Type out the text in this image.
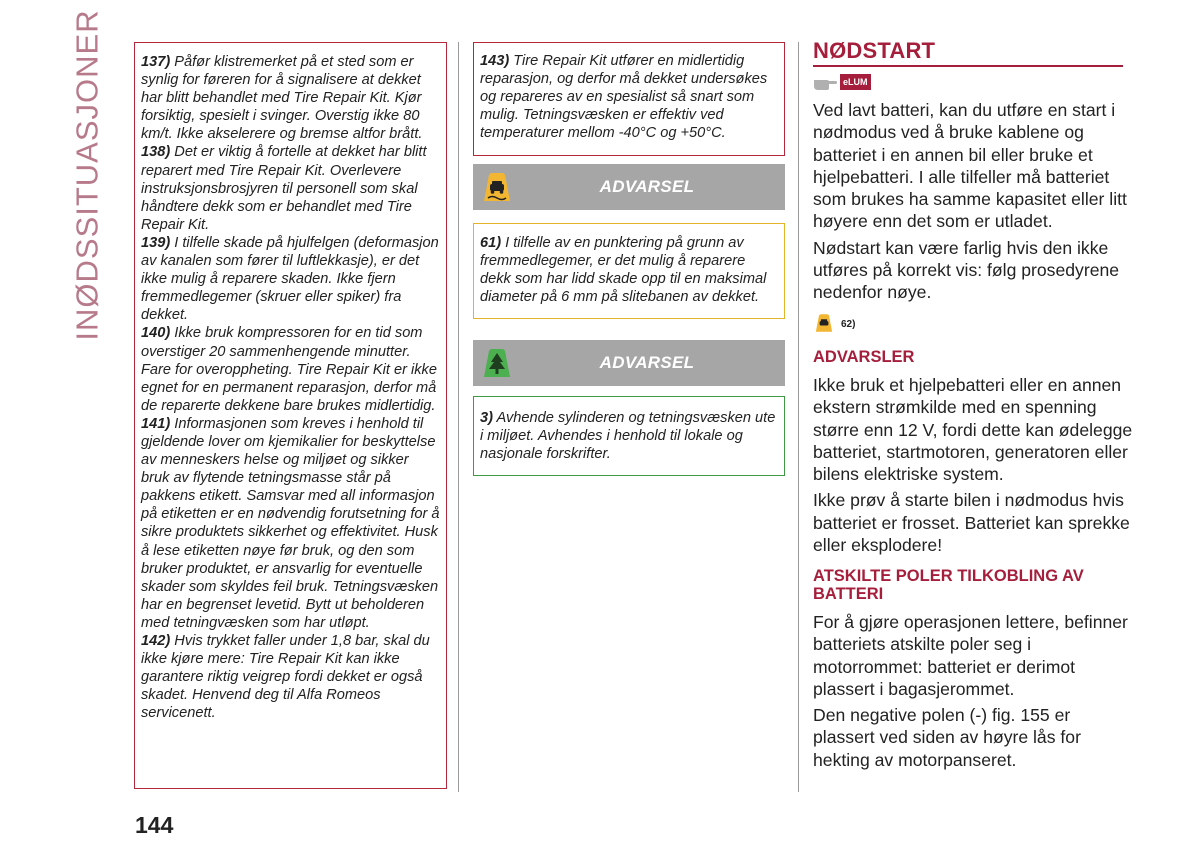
INØDSSITUASJONER 137) Påfør klistremerket på et sted som er synlig for føreren for å signalisere at dekket har blitt behandlet med Tire Repair Kit. Kjør forsiktig, spesielt i svinger. Overstig ikke 80 km/t. Ikke akselerere og bremse altfor brått.

138) Det er viktig å fortelle at dekket har blitt reparert med Tire Repair Kit. Overlevere instruksjonsbrosjyren til personell som skal håndtere dekk som er behandlet med Tire Repair Kit.

139) I tilfelle skade på hjulfelgen (deformasjon av kanalen som fører til luftlekkasje), er det ikke mulig å reparere skaden. Ikke fjern fremmedlegemer (skruer eller spiker) fra dekket.

140) Ikke bruk kompressoren for en tid som overstiger 20 sammenhengende minutter. Fare for overoppheting. Tire Repair Kit er ikke egnet for en permanent reparasjon, derfor må de reparerte dekkene bare brukes midlertidig.

141) Informasjonen som kreves i henhold til gjeldende lover om kjemikalier for beskyttelse av menneskers helse og miljøet og sikker bruk av flytende tetningsmasse står på pakkens etikett. Samsvar med all informasjon på etiketten er en nødvendig forutsetning for å sikre produktets sikkerhet og effektivitet. Husk å lese etiketten nøye før bruk, og den som bruker produktet, er ansvarlig for eventuelle skader som skyldes feil bruk. Tetningsvæsken har en begrenset levetid. Bytt ut beholderen med tetningvæsken som har utløpt.

142) Hvis trykket faller under 1,8 bar, skal du ikke kjøre mere: Tire Repair Kit kan ikke garantere riktig veigrep fordi dekket er også skadet. Henvend deg til Alfa Romeos servicenett.

143) Tire Repair Kit utfører en midlertidig reparasjon, og derfor må dekket undersøkes og repareres av en spesialist så snart som mulig. Tetningsvæsken er effektiv ved temperaturer mellom -40°C og +50°C.

ADVARSEL

61) I tilfelle av en punktering på grunn av fremmedlegemer, er det mulig å reparere dekk som har lidd skade opp til en maksimal diameter på 6 mm på slitebanen av dekket.

ADVARSEL

3) Avhende sylinderen og tetningsvæsken ute i miljøet. Avhendes i henhold til lokale og nasjonale forskrifter.

NØDSTART
eLUM

Ved lavt batteri, kan du utføre en start i nødmodus ved å bruke kablene og batteriet i en annen bil eller bruke et hjelpebatteri. I alle tilfeller må batteriet som brukes ha samme kapasitet eller litt høyere enn det som er utladet.

Nødstart kan være farlig hvis den ikke utføres på korrekt vis: følg prosedyrene nedenfor nøye.

62)
ADVARSLER

Ikke bruk et hjelpebatteri eller en annen ekstern strømkilde med en spenning større enn 12 V, fordi dette kan ødelegge batteriet, startmotoren, generatoren eller bilens elektriske system.

Ikke prøv å starte bilen i nødmodus hvis batteriet er frosset. Batteriet kan sprekke eller eksplodere!

ATSKILTE POLER TILKOBLING AV BATTERI

For å gjøre operasjonen lettere, befinner batteriets atskilte poler seg i motorrommet: batteriet er derimot plassert i bagasjerommet.

Den negative polen (-) fig. 155 er plassert ved siden av høyre lås for hekting av motorpanseret.

144
